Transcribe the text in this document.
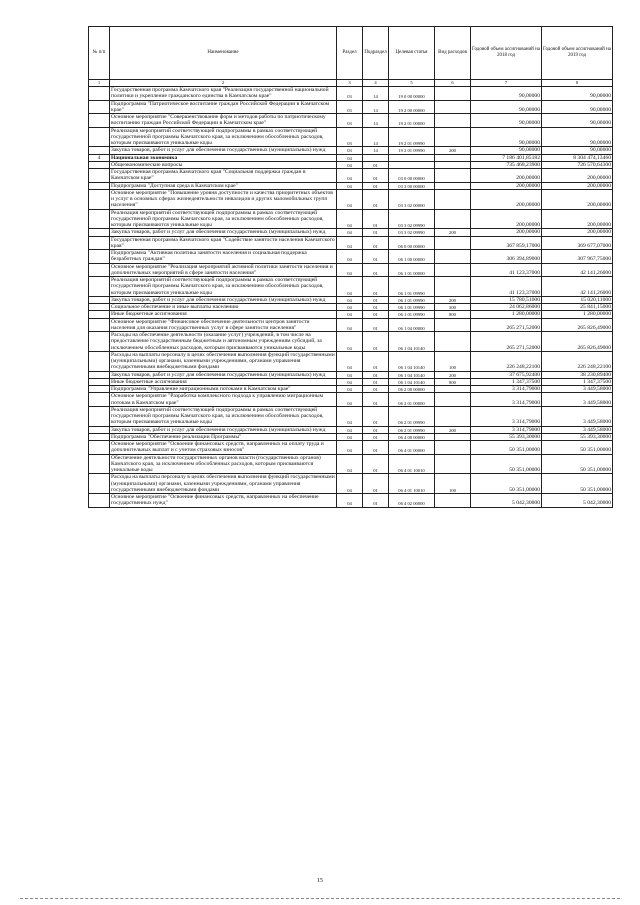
№ п/п	Наименование	Раздел	Подраздел	Целевая статья	Вид расходов	Годовой объем ассигнований на 2018 год	Годовой объем ассигнований на 2019 год
1	2	3	4	5	6	7	8
	Государственная программа Камчатского края "Реализация государственной национальной политики и укрепление гражданского единства в Камчатском крае"	03	14	19 0 00 00000		90,00000	90,00000
	Подпрограмма "Патриотическое воспитание граждан Российской Федерации в Камчатском крае"	03	14	19 2 00 00000		90,00000	90,00000
	Основное мероприятие "Совершенствование форм и методов работы по патриотическому воспитанию граждан Российской Федерации в Камчатском крае"	03	14	19 2 01 00000		90,00000	90,00000
	Реализация мероприятий соответствующей подпрограммы в рамках соответствующей государственной программы Камчатского края, за исключением обособленных расходов, которым присваиваются уникальные коды	03	14	19 2 01 09990		90,00000	90,00000
	Закупка товаров, работ и услуг для обеспечения государственных (муниципальных) нужд	03	14	19 2 01 09990	200	90,00000	90,00000
4	Национальная экономика	04				7 186 401,85182	8 304 474,13460
	Общеэкономические вопросы	04	01			735 468,23900	726 570,64300
	Государственная программа Камчатского края "Социальная поддержка граждан в Камчатском крае"	04	01	03 0 00 00000		200,00000	200,00000
	Подпрограмма "Доступная среда в Камчатском крае"	04	01	03 3 00 00000		200,00000	200,00000
	Основное мероприятие "Повышение уровня доступности и качества приоритетных объектов и услуг в основных сферах жизнедеятельности инвалидов и других маломобильных групп населения"	04	01	03 3 02 00000		200,00000	200,00000
	Реализация мероприятий соответствующей подпрограммы в рамках соответствующей государственной программы Камчатского края, за исключением обособленных расходов, которым присваиваются уникальные коды	04	01	03 3 02 09990		200,00000	200,00000
	Закупка товаров, работ и услуг для обеспечения государственных (муниципальных) нужд	04	01	03 3 02 09990	200	200,00000	200,00000
	Государственная программа Камчатского края "Содействие занятости населения Камчатского края"	04	01	06 0 00 00000		367 859,17000	369 677,07000
	Подпрограмма "Активная политика занятости населения и социальная поддержка безработных граждан"	04	01	06 1 00 00000		306 394,89000	307 967,75000
	Основное мероприятие "Реализация мероприятий активной политики занятости населения и дополнительных мероприятий в сфере занятости населения"	04	01	06 1 01 00000		41 123,37000	42 141,26000
	Реализация мероприятий соответствующей подпрограммы в рамках соответствующей государственной программы Камчатского края, за исключением обособленных расходов, которым присваиваются уникальные коды	04	01	06 1 01 09990		41 123,37000	42 141,26000
	Закупка товаров, работ и услуг для обеспечения государственных (муниципальных) нужд	04	01	06 1 01 09990	200	15 780,51000	15 020,11000
	Социальное обеспечение и иные выплаты населению	04	01	06 1 01 09990	300	24 062,86000	25 841,15000
	Иные бюджетные ассигнования	04	01	06 1 01 09990	800	1 280,00000	1 280,00000
	Основное мероприятие "Финансовое обеспечение деятельности центров занятости населения для оказания государственных услуг в сфере занятости населения"	04	01	06 1 04 00000		265 271,52000	265 826,49000
	Расходы на обеспечение деятельности (оказание услуг) учреждений, в том числе на предоставление государственным бюджетным и автономным учреждениям субсидий, за исключением обособленных расходов, которым присваиваются уникальные коды	04	01	06 1 04 10140		265 271,52000	265 826,49000
	Расходы на выплаты персоналу в целях обеспечения выполнения функций государственными (муниципальными) органами, казенными учреждениями, органами управления государственными внебюджетными фондами	04	01	06 1 04 10140	100	226 248,22100	226 248,22100
	Закупка товаров, работ и услуг для обеспечения государственных (муниципальных) нужд	04	01	06 1 04 10140	200	37 675,92400	38 230,89400
	Иные бюджетные ассигнования	04	01	06 1 04 10140	800	1 347,37500	1 347,37500
	Подпрограмма "Управление миграционными потоками в Камчатском крае"	04	01	06 2 00 00000		3 314,79000	3 449,58000
	Основное мероприятие "Разработка комплексного подхода к управлению миграционным потокам в Камчатском крае"	04	01	06 2 01 00000		3 314,79000	3 449,58000
	Реализация мероприятий соответствующей подпрограммы в рамках соответствующей государственной программы Камчатского края, за исключением обособленных расходов, которым присваиваются уникальные коды	04	01	06 2 01 09990		3 314,79000	3 449,58000
	Закупка товаров, работ и услуг для обеспечения государственных (муниципальных) нужд	04	01	06 2 01 09990	200	3 314,79000	3 449,58000
	Подпрограмма "Обеспечение реализации Программы"	04	01	06 4 00 00000		55 393,30000	55 393,30000
	Основное мероприятие "Освоение финансовых средств, направленных на оплату труда и дополнительных выплат и с учетом страховых взносов"	04	01	06 4 01 00000		50 351,00000	50 351,00000
	Обеспечение деятельности государственных органов власти (государственных органов) Камчатского края, за исключением обособленных расходов, которым присваиваются уникальные коды	04	01	06 4 01 10010		50 351,00000	50 351,00000
	Расходы на выплаты персоналу в целях обеспечения выполнения функций государственными (муниципальными) органами, казенными учреждениями, органами управления государственными внебюджетными фондами	04	01	06 4 01 10010	100	50 351,00000	50 351,00000
	Основное мероприятие "Освоение финансовых средств, направленных на обеспечение государственных нужд"	04	01	06 4 02 00000		5 042,30000	5 042,30000
15
